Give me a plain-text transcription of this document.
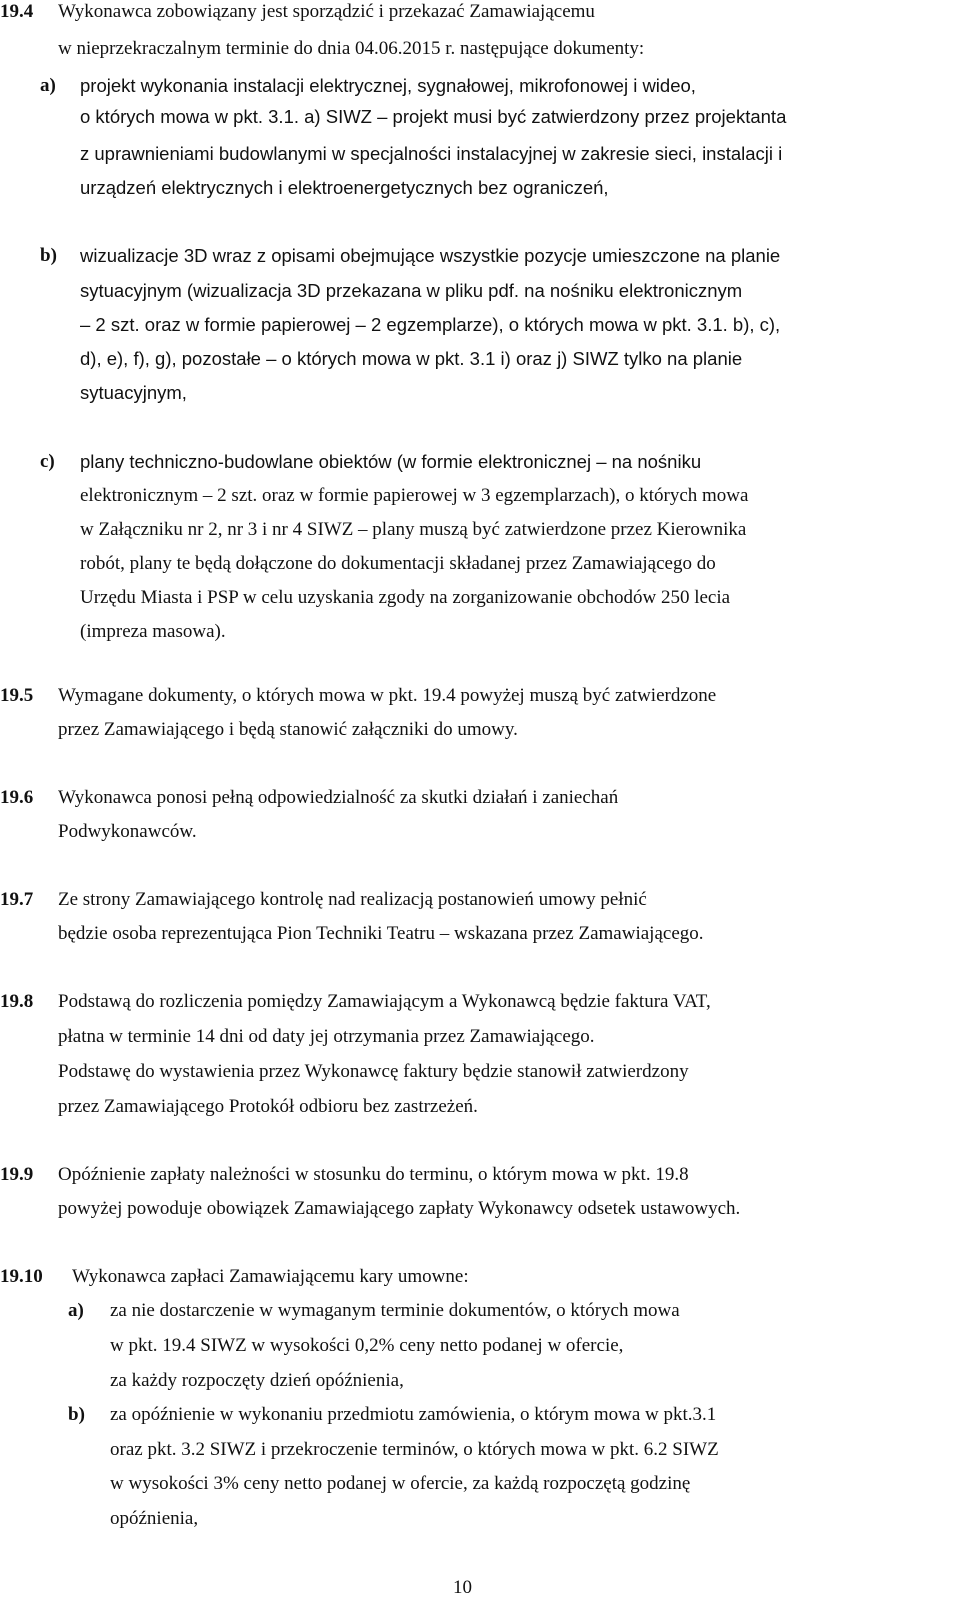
19.4 Wykonawca zobowiązany jest sporządzić i przekazać Zamawiającemu
w nieprzekraczalnym terminie do dnia 04.06.2015 r. następujące dokumenty:
a) projekt wykonania instalacji elektrycznej, sygnałowej, mikrofonowej i wideo,
o których mowa w pkt. 3.1. a) SIWZ – projekt musi być zatwierdzony przez projektanta
z uprawnieniami budowlanymi w specjalności instalacyjnej w zakresie sieci, instalacji i
urządzeń elektrycznych i elektroenergetycznych bez ograniczeń,
b) wizualizacje 3D wraz z opisami obejmujące wszystkie pozycje umieszczone na planie
sytuacyjnym (wizualizacja 3D przekazana w pliku pdf. na nośniku elektronicznym
– 2 szt. oraz w formie papierowej – 2 egzemplarze), o których mowa w pkt. 3.1. b), c),
d), e), f), g), pozostałe – o których mowa w pkt. 3.1 i) oraz j) SIWZ tylko na planie
sytuacyjnym,
c) plany techniczno-budowlane obiektów (w formie elektronicznej – na nośniku
elektronicznym – 2 szt. oraz w formie papierowej w 3 egzemplarzach), o których mowa
w Załączniku nr 2, nr 3 i nr 4 SIWZ – plany muszą być zatwierdzone przez Kierownika
robót, plany te będą dołączone do dokumentacji składanej przez Zamawiającego do
Urzędu Miasta i PSP w celu uzyskania zgody na zorganizowanie obchodów 250 lecia
(impreza masowa).
19.5 Wymagane dokumenty, o których mowa w pkt. 19.4 powyżej muszą być zatwierdzone
przez Zamawiającego i będą stanowić załączniki do umowy.
19.6 Wykonawca ponosi pełną odpowiedzialność za skutki działań i zaniechań
Podwykonawców.
19.7 Ze strony Zamawiającego kontrolę nad realizacją postanowień umowy pełnić
będzie osoba reprezentująca Pion Techniki Teatru – wskazana przez Zamawiającego.
19.8 Podstawą do rozliczenia pomiędzy Zamawiającym a Wykonawcą będzie faktura VAT,
płatna w terminie 14 dni od daty jej otrzymania przez Zamawiającego.
Podstawę do wystawienia przez Wykonawcę faktury będzie stanowił zatwierdzony
przez Zamawiającego Protokół odbioru bez zastrzeżeń.
19.9 Opóźnienie zapłaty należności w stosunku do terminu, o którym mowa w pkt. 19.8
powyżej powoduje obowiązek Zamawiającego zapłaty Wykonawcy odsetek ustawowych.
19.10 Wykonawca zapłaci Zamawiającemu kary umowne:
a) za nie dostarczenie w wymaganym terminie dokumentów, o których mowa
w pkt. 19.4 SIWZ w wysokości 0,2% ceny netto podanej w ofercie,
za każdy rozpoczęty dzień opóźnienia,
b) za opóźnienie w wykonaniu przedmiotu zamówienia, o którym mowa w pkt.3.1
oraz pkt. 3.2 SIWZ i przekroczenie terminów, o których mowa w pkt. 6.2 SIWZ
w wysokości 3% ceny netto podanej w ofercie, za każdą rozpoczętą godzinę
opóźnienia,
10
